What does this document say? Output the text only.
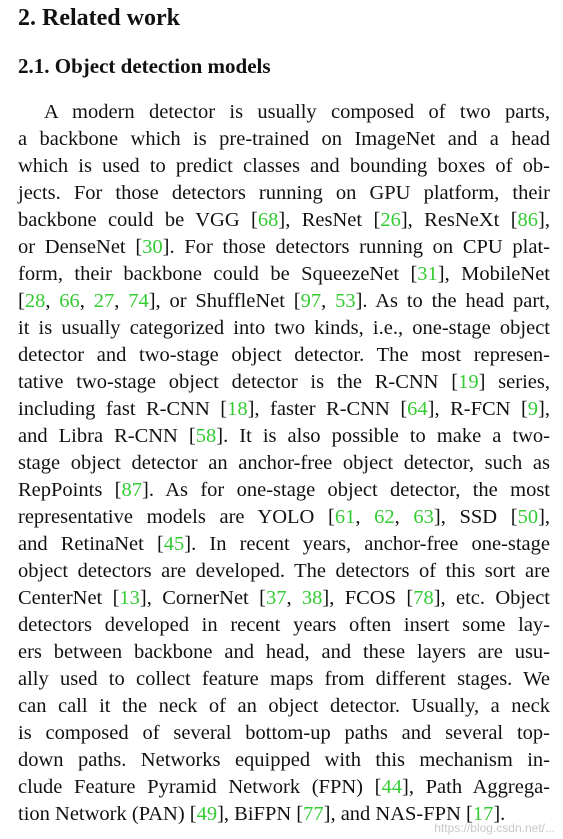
2. Related work
2.1. Object detection models
A modern detector is usually composed of two parts,
a backbone which is pre-trained on ImageNet and a head
which is used to predict classes and bounding boxes of ob-
jects. For those detectors running on GPU platform, their
backbone could be VGG [68], ResNet [26], ResNeXt [86],
or DenseNet [30]. For those detectors running on CPU plat-
form, their backbone could be SqueezeNet [31], MobileNet
[28, 66, 27, 74], or ShuffleNet [97, 53]. As to the head part,
it is usually categorized into two kinds, i.e., one-stage object
detector and two-stage object detector. The most represen-
tative two-stage object detector is the R-CNN [19] series,
including fast R-CNN [18], faster R-CNN [64], R-FCN [9],
and Libra R-CNN [58]. It is also possible to make a two-
stage object detector an anchor-free object detector, such as
RepPoints [87]. As for one-stage object detector, the most
representative models are YOLO [61, 62, 63], SSD [50],
and RetinaNet [45]. In recent years, anchor-free one-stage
object detectors are developed. The detectors of this sort are
CenterNet [13], CornerNet [37, 38], FCOS [78], etc. Object
detectors developed in recent years often insert some lay-
ers between backbone and head, and these layers are usu-
ally used to collect feature maps from different stages. We
can call it the neck of an object detector. Usually, a neck
is composed of several bottom-up paths and several top-
down paths. Networks equipped with this mechanism in-
clude Feature Pyramid Network (FPN) [44], Path Aggrega-
tion Network (PAN) [49], BiFPN [77], and NAS-FPN [17].
https://blog.csdn.net/...
